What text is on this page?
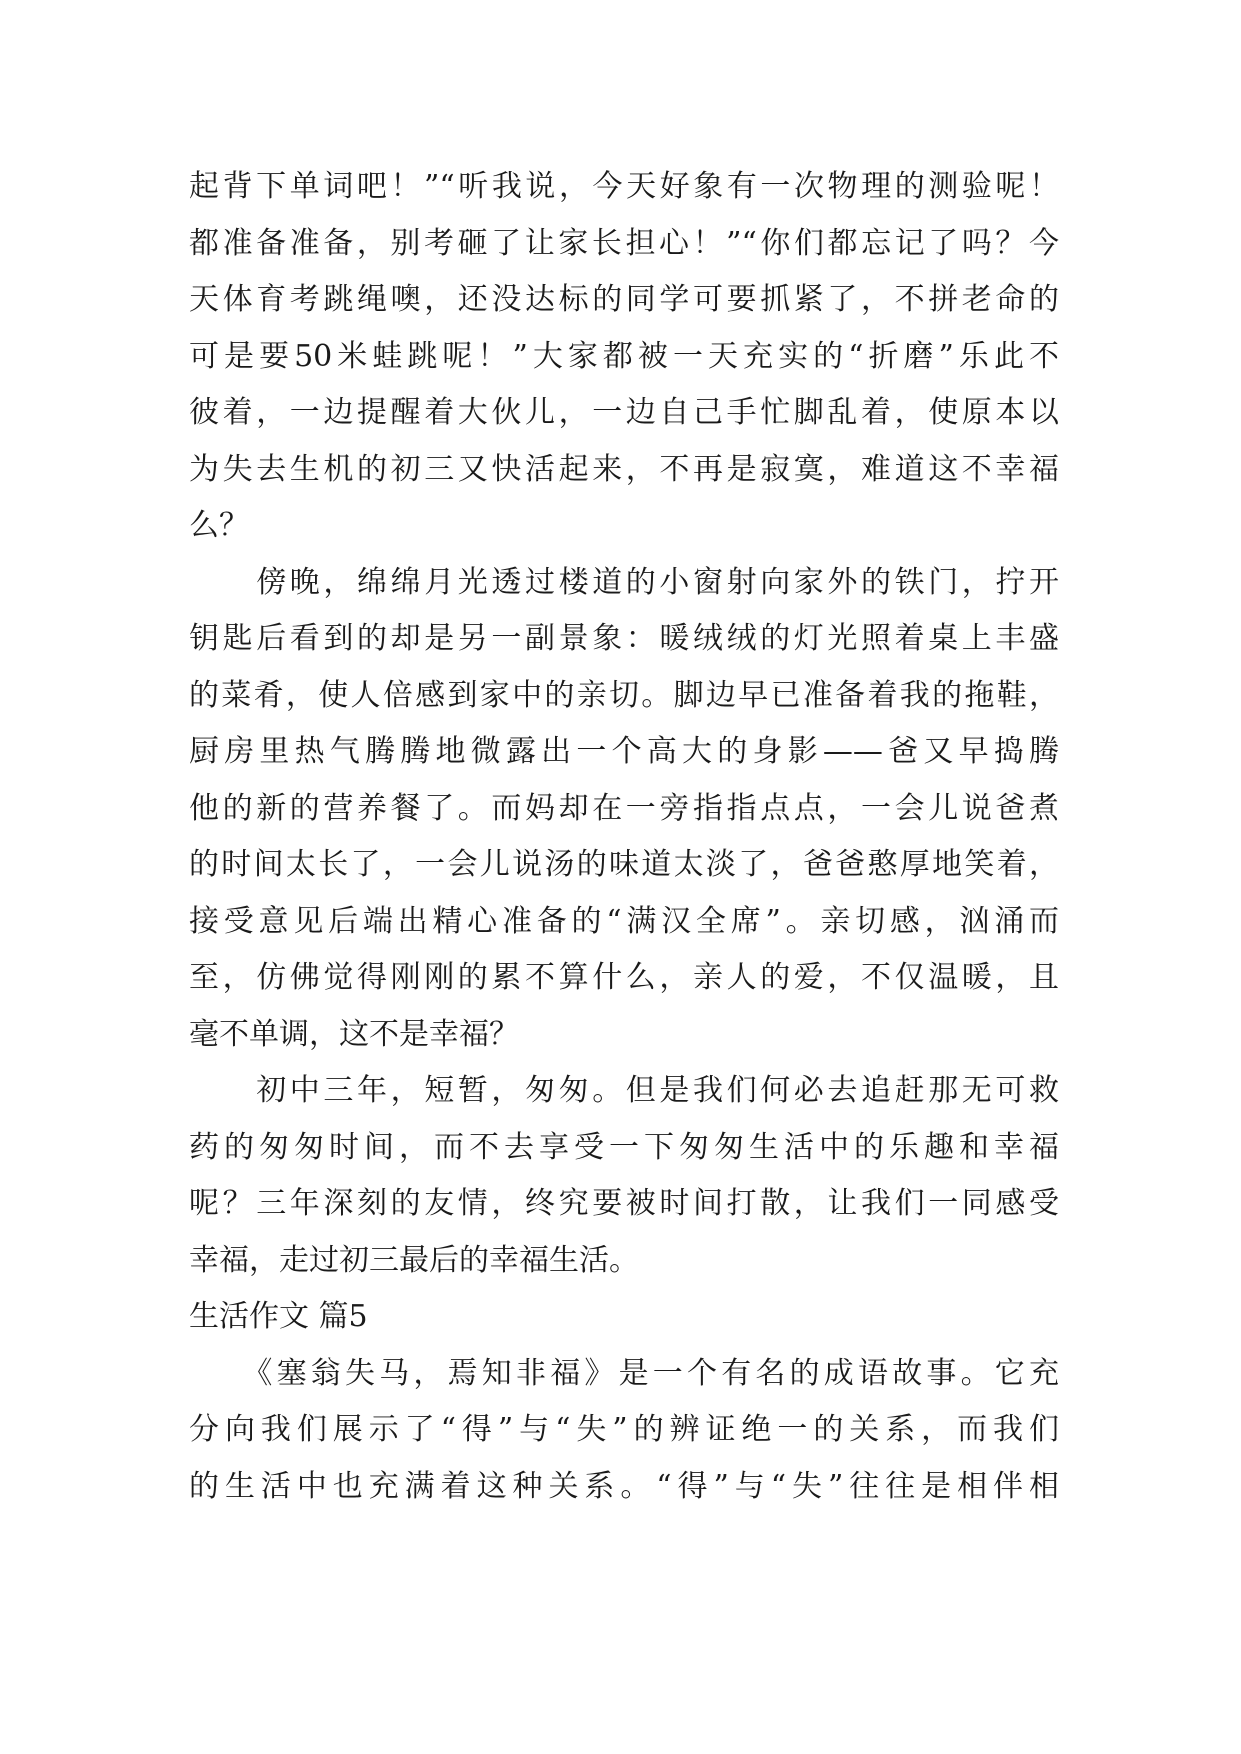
起背下单词吧！”“听我说，今天好象有一次物理的测验呢！
都准备准备，别考砸了让家长担心！”“你们都忘记了吗？今
天体育考跳绳噢，还没达标的同学可要抓紧了，不拼老命的
可是要50米蛙跳呢！”大家都被一天充实的“折磨”乐此不
彼着，一边提醒着大伙儿，一边自己手忙脚乱着，使原本以
为失去生机的初三又快活起来，不再是寂寞，难道这不幸福
么？
　　傍晚，绵绵月光透过楼道的小窗射向家外的铁门，拧开
钥匙后看到的却是另一副景象：暖绒绒的灯光照着桌上丰盛
的菜肴，使人倍感到家中的亲切。脚边早已准备着我的拖鞋，
厨房里热气腾腾地微露出一个高大的身影——爸又早捣腾
他的新的营养餐了。而妈却在一旁指指点点，一会儿说爸煮
的时间太长了，一会儿说汤的味道太淡了，爸爸憨厚地笑着，
接受意见后端出精心准备的“满汉全席”。亲切感，汹涌而
至，仿佛觉得刚刚的累不算什么，亲人的爱，不仅温暖，且
毫不单调，这不是幸福？
　　初中三年，短暂，匆匆。但是我们何必去追赶那无可救
药的匆匆时间，而不去享受一下匆匆生活中的乐趣和幸福
呢？三年深刻的友情，终究要被时间打散，让我们一同感受
幸福，走过初三最后的幸福生活。
生活作文 篇5
　　《塞翁失马，焉知非福》是一个有名的成语故事。它充
分向我们展示了“得”与“失”的辨证绝一的关系，而我们
的生活中也充满着这种关系。“得”与“失”往往是相伴相
